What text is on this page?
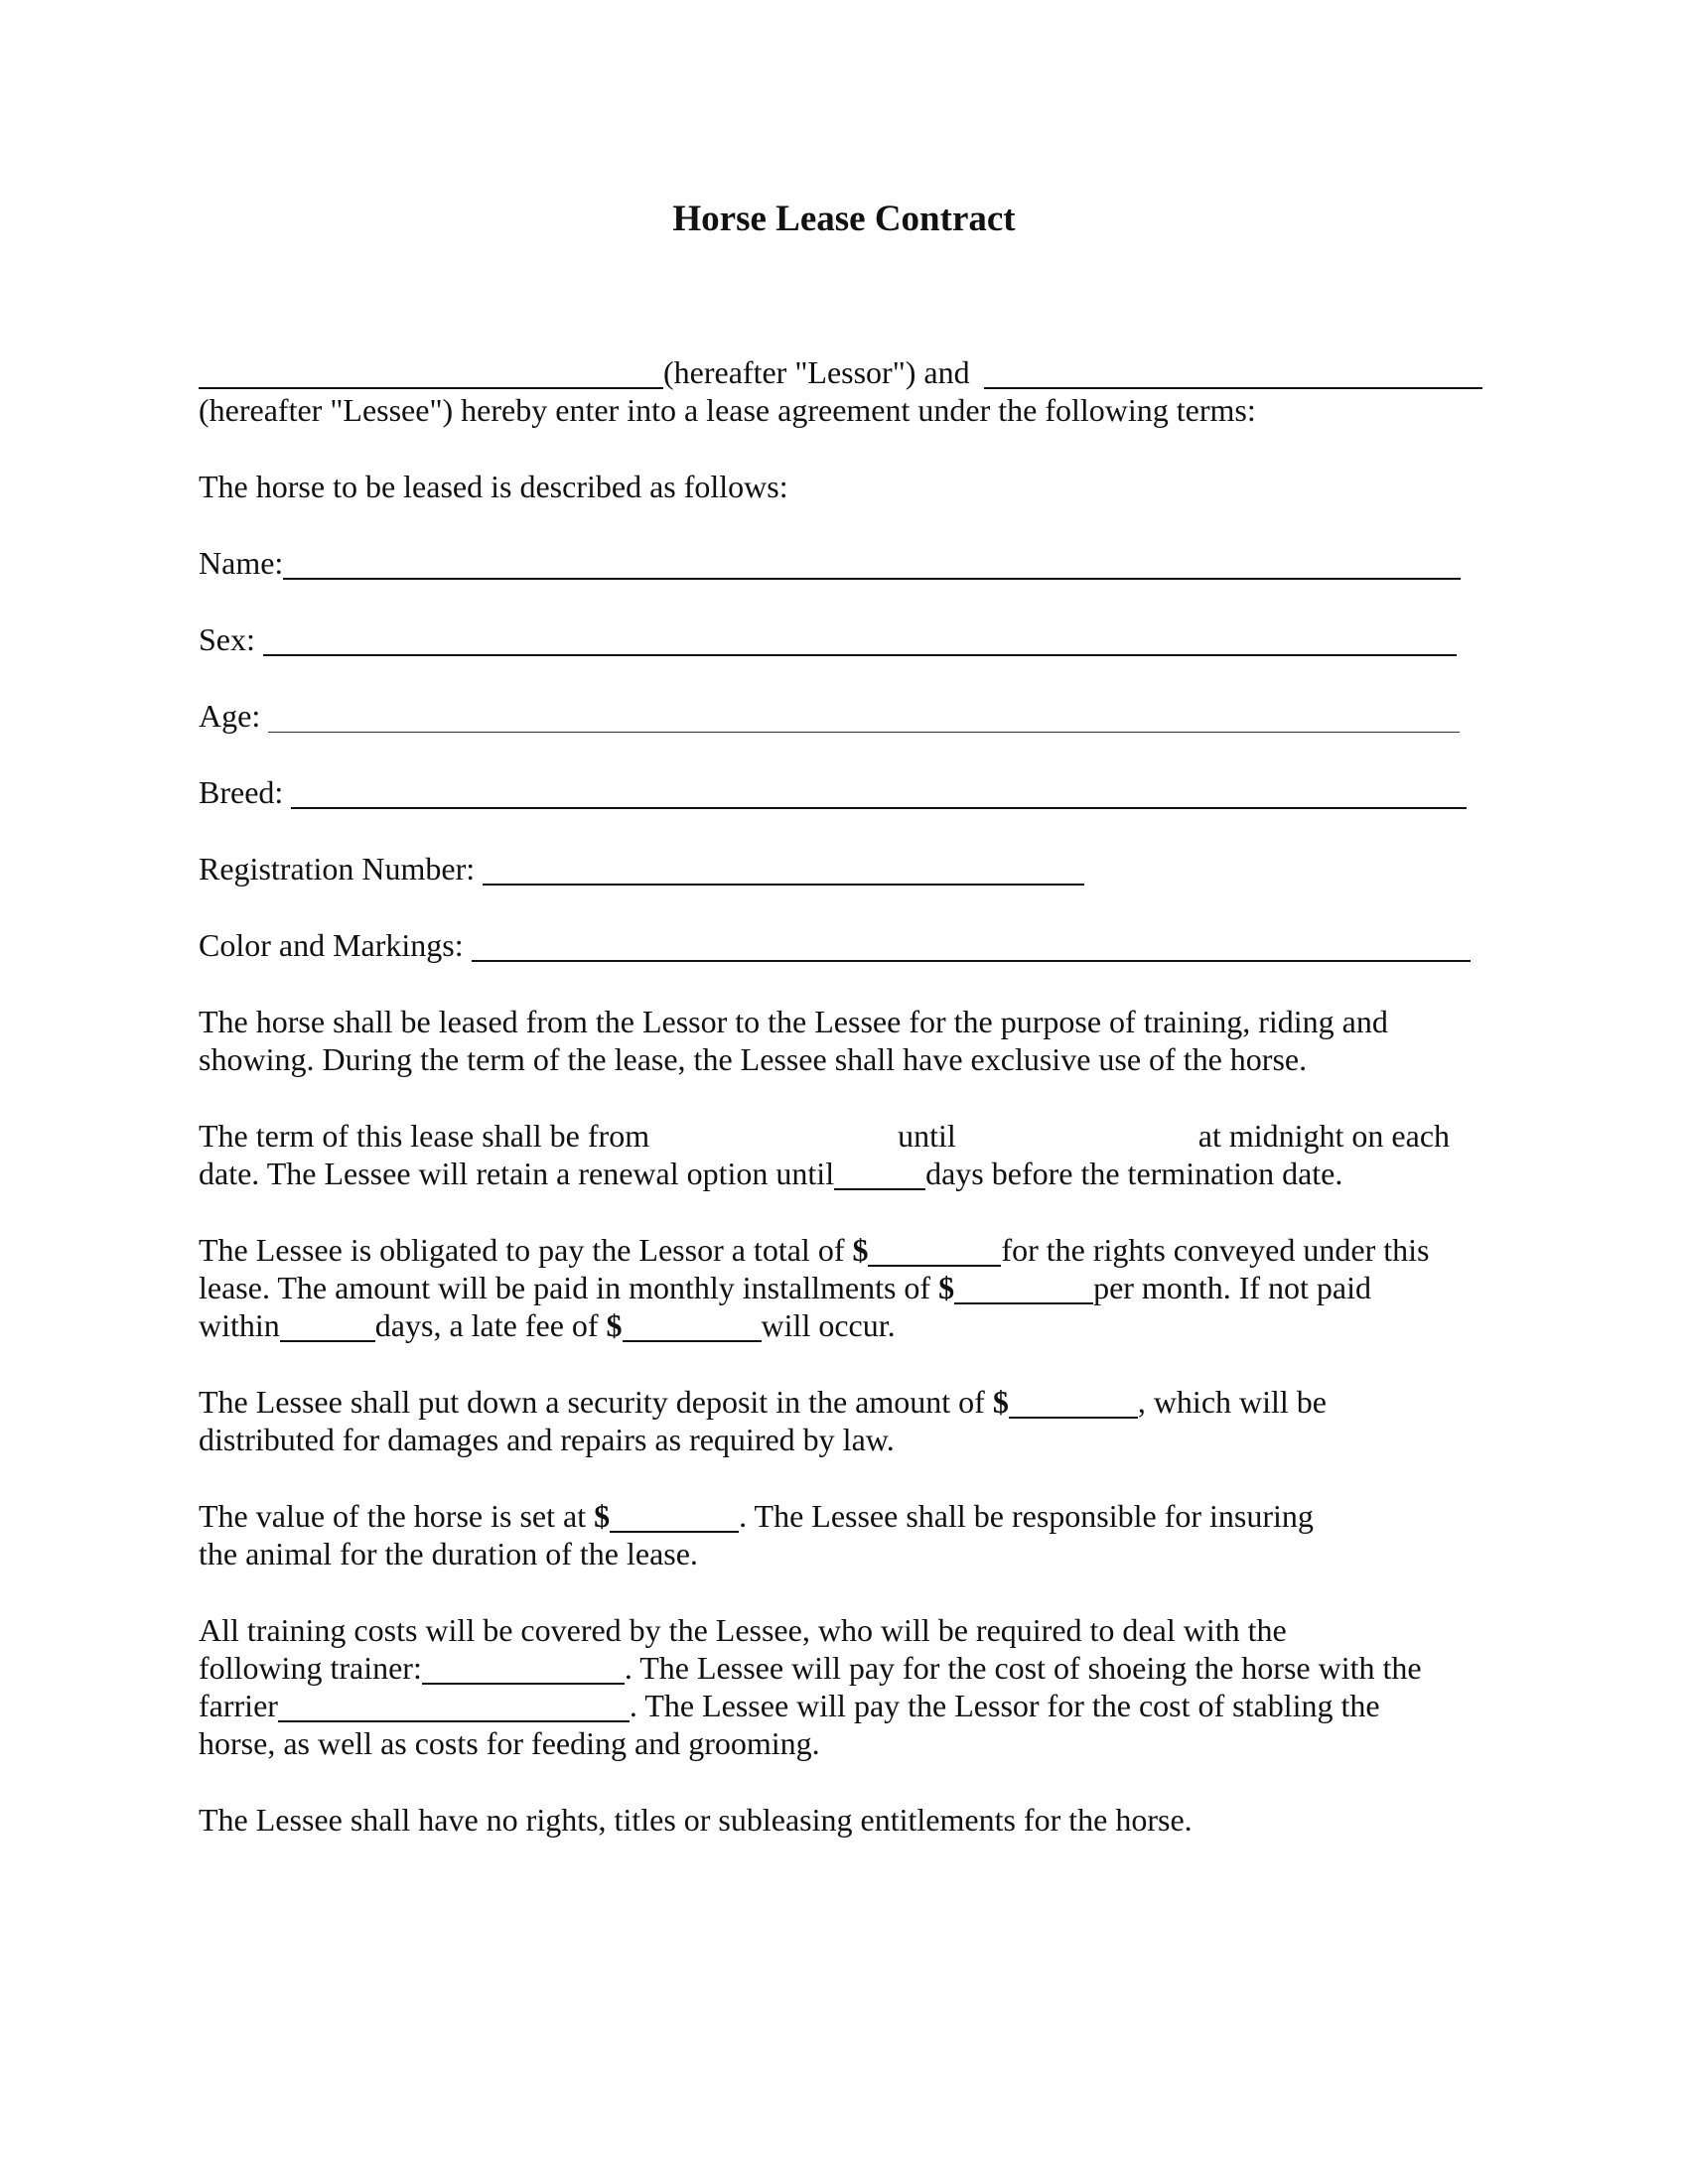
Horse Lease Contract
(hereafter "Lessor") and
(hereafter "Lessee") hereby enter into a lease agreement under the following terms:
The horse to be leased is described as follows:
Name:
Sex:
Age:
Breed:
Registration Number:
Color and Markings:
The horse shall be leased from the Lessor to the Lessee for the purpose of training, riding and
showing. During the term of the lease, the Lessee shall have exclusive use of the horse.
The term of this lease shall be from	until	at midnight on each
date. The Lessee will retain a renewal option until	days before the termination date.
The Lessee is obligated to pay the Lessor a total of $	for the rights conveyed under this
lease. The amount will be paid in monthly installments of $	per month. If not paid
within	days, a late fee of $	will occur.
The Lessee shall put down a security deposit in the amount of $	, which will be
distributed for damages and repairs as required by law.
The value of the horse is set at $	. The Lessee shall be responsible for insuring
the animal for the duration of the lease.
All training costs will be covered by the Lessee, who will be required to deal with the
following trainer:	. The Lessee will pay for the cost of shoeing the horse with the
farrier	. The Lessee will pay the Lessor for the cost of stabling the
horse, as well as costs for feeding and grooming.
The Lessee shall have no rights, titles or subleasing entitlements for the horse.
